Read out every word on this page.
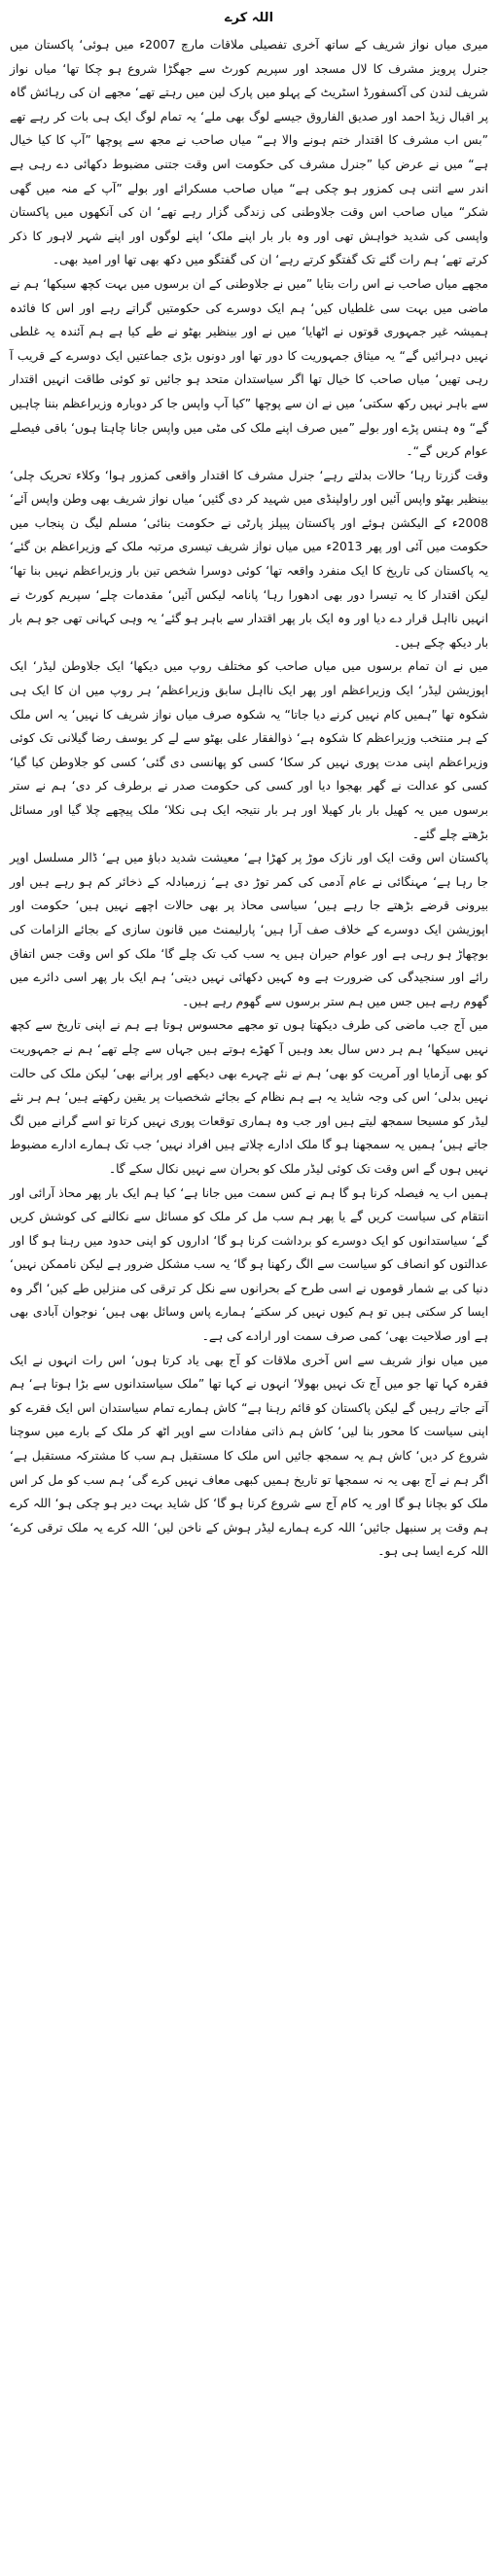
اللہ کرے

میری میاں نواز شریف کے ساتھ آخری تفصیلی ملاقات مارچ 2007ء میں ہوئی‘ پاکستان میں جنرل پرویز مشرف کا لال مسجد اور سپریم کورٹ سے جھگڑا شروع ہو چکا تھا‘ میاں نواز شریف لندن کی آکسفورڈ اسٹریٹ کے پہلو میں پارک لین میں رہتے تھے‘ مجھے ان کی رہائش گاہ پر اقبال زیڈ احمد اور صدیق الفاروق جیسے لوگ بھی ملے‘ یہ تمام لوگ ایک ہی بات کر رہے تھے ”بس اب مشرف کا اقتدار ختم ہونے والا ہے“ میاں صاحب نے مجھ سے پوچھا ”آپ کا کیا خیال ہے“ میں نے عرض کیا ”جنرل مشرف کی حکومت اس وقت جتنی مضبوط دکھائی دے رہی ہے اندر سے اتنی ہی کمزور ہو چکی ہے“ میاں صاحب مسکرائے اور بولے ”آپ کے منہ میں گھی شکر“ میاں صاحب اس وقت جلاوطنی کی زندگی گزار رہے تھے‘ ان کی آنکھوں میں پاکستان واپسی کی شدید خواہش تھی اور وہ بار بار اپنے ملک‘ اپنے لوگوں اور اپنے شہر لاہور کا ذکر کرتے تھے‘ ہم رات گئے تک گفتگو کرتے رہے‘ ان کی گفتگو میں دکھ بھی تھا اور امید بھی۔

مجھے میاں صاحب نے اس رات بتایا ”میں نے جلاوطنی کے ان برسوں میں بہت کچھ سیکھا‘ ہم نے ماضی میں بہت سی غلطیاں کیں‘ ہم ایک دوسرے کی حکومتیں گراتے رہے اور اس کا فائدہ ہمیشہ غیر جمہوری قوتوں نے اٹھایا‘ میں نے اور بینظیر بھٹو نے طے کیا ہے ہم آئندہ یہ غلطی نہیں دہرائیں گے“ یہ میثاق جمہوریت کا دور تھا اور دونوں بڑی جماعتیں ایک دوسرے کے قریب آ رہی تھیں‘ میاں صاحب کا خیال تھا اگر سیاستدان متحد ہو جائیں تو کوئی طاقت انہیں اقتدار سے باہر نہیں رکھ سکتی‘ میں نے ان سے پوچھا ”کیا آپ واپس جا کر دوبارہ وزیراعظم بننا چاہیں گے“ وہ ہنس پڑے اور بولے ”میں صرف اپنے ملک کی مٹی میں واپس جانا چاہتا ہوں‘ باقی فیصلے عوام کریں گے“۔

وقت گزرتا رہا‘ حالات بدلتے رہے‘ جنرل مشرف کا اقتدار واقعی کمزور ہوا‘ وکلاء تحریک چلی‘ بینظیر بھٹو واپس آئیں اور راولپنڈی میں شہید کر دی گئیں‘ میاں نواز شریف بھی وطن واپس آئے‘ 2008ء کے الیکشن ہوئے اور پاکستان پیپلز پارٹی نے حکومت بنائی‘ مسلم لیگ ن پنجاب میں حکومت میں آئی اور پھر 2013ء میں میاں نواز شریف تیسری مرتبہ ملک کے وزیراعظم بن گئے‘ یہ پاکستان کی تاریخ کا ایک منفرد واقعہ تھا‘ کوئی دوسرا شخص تین بار وزیراعظم نہیں بنا تھا‘ لیکن اقتدار کا یہ تیسرا دور بھی ادھورا رہا‘ پانامہ لیکس آئیں‘ مقدمات چلے‘ سپریم کورٹ نے انہیں نااہل قرار دے دیا اور وہ ایک بار پھر اقتدار سے باہر ہو گئے‘ یہ وہی کہانی تھی جو ہم بار بار دیکھ چکے ہیں۔

میں نے ان تمام برسوں میں میاں صاحب کو مختلف روپ میں دیکھا‘ ایک جلاوطن لیڈر‘ ایک اپوزیشن لیڈر‘ ایک وزیراعظم اور پھر ایک نااہل سابق وزیراعظم‘ ہر روپ میں ان کا ایک ہی شکوہ تھا ”ہمیں کام نہیں کرنے دیا جاتا“ یہ شکوہ صرف میاں نواز شریف کا نہیں‘ یہ اس ملک کے ہر منتخب وزیراعظم کا شکوہ ہے‘ ذوالفقار علی بھٹو سے لے کر یوسف رضا گیلانی تک کوئی وزیراعظم اپنی مدت پوری نہیں کر سکا‘ کسی کو پھانسی دی گئی‘ کسی کو جلاوطن کیا گیا‘ کسی کو عدالت نے گھر بھجوا دیا اور کسی کی حکومت صدر نے برطرف کر دی‘ ہم نے ستر برسوں میں یہ کھیل بار بار کھیلا اور ہر بار نتیجہ ایک ہی نکلا‘ ملک پیچھے چلا گیا اور مسائل بڑھتے چلے گئے۔

پاکستان اس وقت ایک اور نازک موڑ پر کھڑا ہے‘ معیشت شدید دباؤ میں ہے‘ ڈالر مسلسل اوپر جا رہا ہے‘ مہنگائی نے عام آدمی کی کمر توڑ دی ہے‘ زرمبادلہ کے ذخائر کم ہو رہے ہیں اور بیرونی قرضے بڑھتے جا رہے ہیں‘ سیاسی محاذ پر بھی حالات اچھے نہیں ہیں‘ حکومت اور اپوزیشن ایک دوسرے کے خلاف صف آرا ہیں‘ پارلیمنٹ میں قانون سازی کے بجائے الزامات کی بوچھاڑ ہو رہی ہے اور عوام حیران ہیں یہ سب کب تک چلے گا‘ ملک کو اس وقت جس اتفاق رائے اور سنجیدگی کی ضرورت ہے وہ کہیں دکھائی نہیں دیتی‘ ہم ایک بار پھر اسی دائرے میں گھوم رہے ہیں جس میں ہم ستر برسوں سے گھوم رہے ہیں۔

میں آج جب ماضی کی طرف دیکھتا ہوں تو مجھے محسوس ہوتا ہے ہم نے اپنی تاریخ سے کچھ نہیں سیکھا‘ ہم ہر دس سال بعد وہیں آ کھڑے ہوتے ہیں جہاں سے چلے تھے‘ ہم نے جمہوریت کو بھی آزمایا اور آمریت کو بھی‘ ہم نے نئے چہرے بھی دیکھے اور پرانے بھی‘ لیکن ملک کی حالت نہیں بدلی‘ اس کی وجہ شاید یہ ہے ہم نظام کے بجائے شخصیات پر یقین رکھتے ہیں‘ ہم ہر نئے لیڈر کو مسیحا سمجھ لیتے ہیں اور جب وہ ہماری توقعات پوری نہیں کرتا تو اسے گرانے میں لگ جاتے ہیں‘ ہمیں یہ سمجھنا ہو گا ملک ادارے چلاتے ہیں افراد نہیں‘ جب تک ہمارے ادارے مضبوط نہیں ہوں گے اس وقت تک کوئی لیڈر ملک کو بحران سے نہیں نکال سکے گا۔

ہمیں اب یہ فیصلہ کرنا ہو گا ہم نے کس سمت میں جانا ہے‘ کیا ہم ایک بار پھر محاذ آرائی اور انتقام کی سیاست کریں گے یا پھر ہم سب مل کر ملک کو مسائل سے نکالنے کی کوشش کریں گے‘ سیاستدانوں کو ایک دوسرے کو برداشت کرنا ہو گا‘ اداروں کو اپنی حدود میں رہنا ہو گا اور عدالتوں کو انصاف کو سیاست سے الگ رکھنا ہو گا‘ یہ سب مشکل ضرور ہے لیکن ناممکن نہیں‘ دنیا کی بے شمار قوموں نے اسی طرح کے بحرانوں سے نکل کر ترقی کی منزلیں طے کیں‘ اگر وہ ایسا کر سکتی ہیں تو ہم کیوں نہیں کر سکتے‘ ہمارے پاس وسائل بھی ہیں‘ نوجوان آبادی بھی ہے اور صلاحیت بھی‘ کمی صرف سمت اور ارادے کی ہے۔

میں میاں نواز شریف سے اس آخری ملاقات کو آج بھی یاد کرتا ہوں‘ اس رات انہوں نے ایک فقرہ کہا تھا جو میں آج تک نہیں بھولا‘ انہوں نے کہا تھا ”ملک سیاستدانوں سے بڑا ہوتا ہے‘ ہم آتے جاتے رہیں گے لیکن پاکستان کو قائم رہنا ہے“ کاش ہمارے تمام سیاستدان اس ایک فقرے کو اپنی سیاست کا محور بنا لیں‘ کاش ہم ذاتی مفادات سے اوپر اٹھ کر ملک کے بارے میں سوچنا شروع کر دیں‘ کاش ہم یہ سمجھ جائیں اس ملک کا مستقبل ہم سب کا مشترکہ مستقبل ہے‘ اگر ہم نے آج بھی یہ نہ سمجھا تو تاریخ ہمیں کبھی معاف نہیں کرے گی‘ ہم سب کو مل کر اس ملک کو بچانا ہو گا اور یہ کام آج سے شروع کرنا ہو گا‘ کل شاید بہت دیر ہو چکی ہو‘ اللہ کرے ہم وقت پر سنبھل جائیں‘ اللہ کرے ہمارے لیڈر ہوش کے ناخن لیں‘ اللہ کرے یہ ملک ترقی کرے‘ اللہ کرے ایسا ہی ہو۔
